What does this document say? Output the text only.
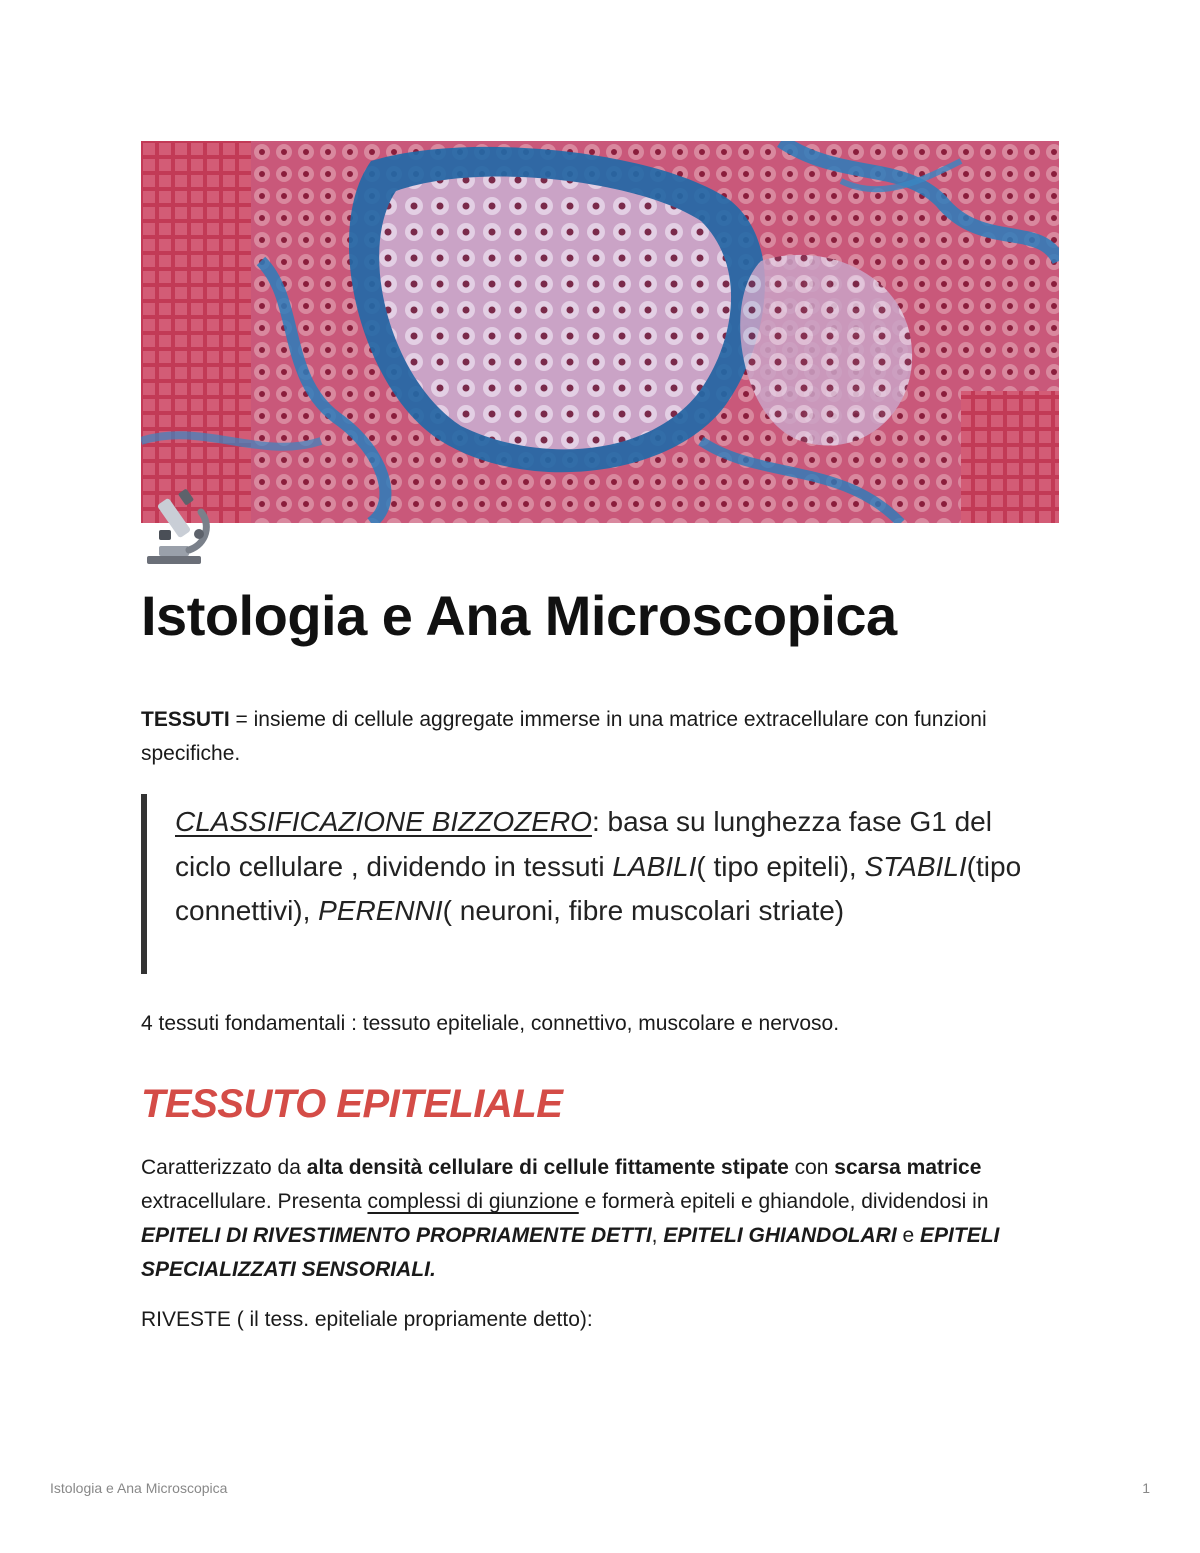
Istologia e Ana Microscopica

TESSUTI = insieme di cellule aggregate immerse in una matrice extracellulare con funzioni specifiche.

CLASSIFICAZIONE BIZZOZERO: basa su lunghezza fase G1 del ciclo cellulare , dividendo in tessuti LABILI( tipo epiteli), STABILI(tipo connettivi), PERENNI( neuroni, fibre muscolari striate)

4 tessuti fondamentali : tessuto epiteliale, connettivo, muscolare e nervoso.

TESSUTO EPITELIALE

Caratterizzato da alta densità cellulare di cellule fittamente stipate con scarsa matrice extracellulare. Presenta complessi di giunzione e formerà epiteli e ghiandole, dividendosi in EPITELI DI RIVESTIMENTO PROPRIAMENTE DETTI, EPITELI GHIANDOLARI e EPITELI SPECIALIZZATI SENSORIALI.

RIVESTE ( il tess. epiteliale propriamente detto):

Istologia e Ana Microscopica	1
